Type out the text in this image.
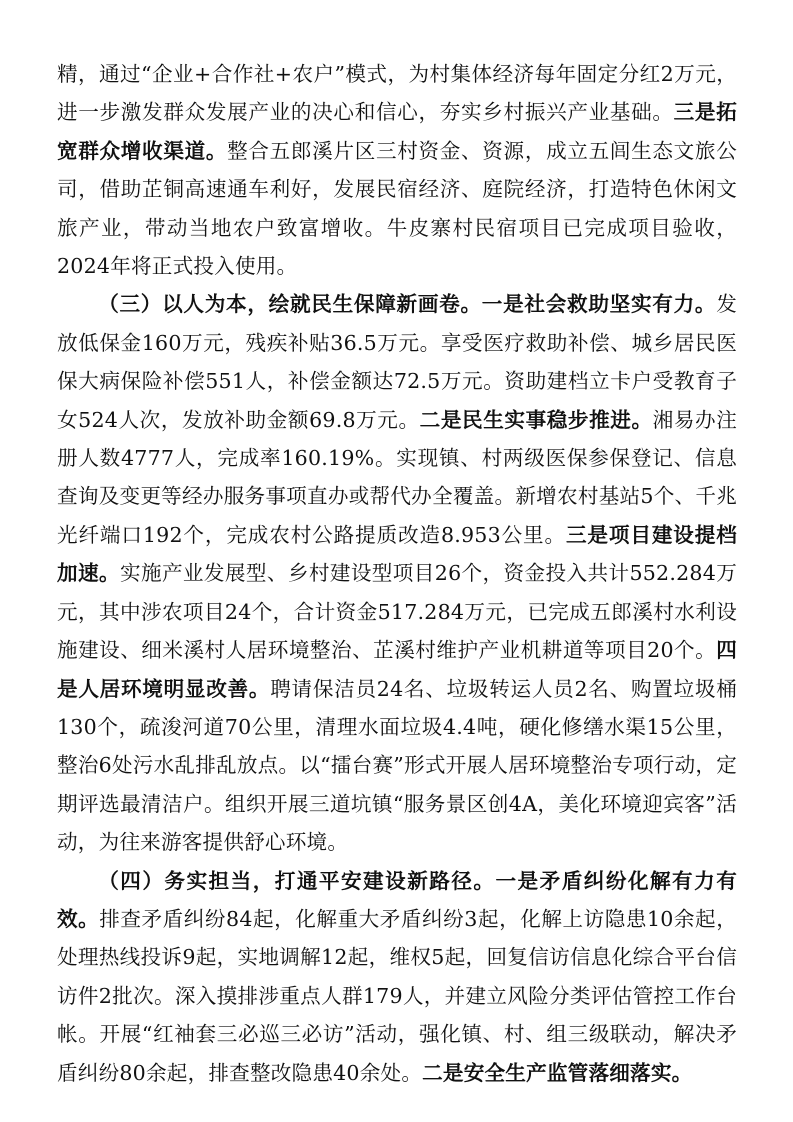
精，通过“企业+合作社+农户”模式，为村集体经济每年固定分红2万元，进一步激发群众发展产业的决心和信心，夯实乡村振兴产业基础。三是拓宽群众增收渠道。整合五郎溪片区三村资金、资源，成立五闾生态文旅公司，借助芷铜高速通车利好，发展民宿经济、庭院经济，打造特色休闲文旅产业，带动当地农户致富增收。牛皮寨村民宿项目已完成项目验收，2024年将正式投入使用。

（三）以人为本，绘就民生保障新画卷。一是社会救助坚实有力。发放低保金160万元，残疾补贴36.5万元。享受医疗救助补偿、城乡居民医保大病保险补偿551人，补偿金额达72.5万元。资助建档立卡户受教育子女524人次，发放补助金额69.8万元。二是民生实事稳步推进。湘易办注册人数4777人，完成率160.19%。实现镇、村两级医保参保登记、信息查询及变更等经办服务事项直办或帮代办全覆盖。新增农村基站5个、千兆光纤端口192个，完成农村公路提质改造8.953公里。三是项目建设提档加速。实施产业发展型、乡村建设型项目26个，资金投入共计552.284万元，其中涉农项目24个，合计资金517.284万元，已完成五郎溪村水利设施建设、细米溪村人居环境整治、芷溪村维护产业机耕道等项目20个。四是人居环境明显改善。聘请保洁员24名、垃圾转运人员2名、购置垃圾桶130个，疏浚河道70公里，清理水面垃圾4.4吨，硬化修缮水渠15公里，整治6处污水乱排乱放点。以“擂台赛”形式开展人居环境整治专项行动，定期评选最清洁户。组织开展三道坑镇“服务景区创4A，美化环境迎宾客”活动，为往来游客提供舒心环境。

（四）务实担当，打通平安建设新路径。一是矛盾纠纷化解有力有效。排查矛盾纠纷84起，化解重大矛盾纠纷3起，化解上访隐患10余起，处理热线投诉9起，实地调解12起，维权5起，回复信访信息化综合平台信访件2批次。深入摸排涉重点人群179人，并建立风险分类评估管控工作台帐。开展“红袖套三必巡三必访”活动，强化镇、村、组三级联动，解决矛盾纠纷80余起，排查整改隐患40余处。二是安全生产监管落细落实。
